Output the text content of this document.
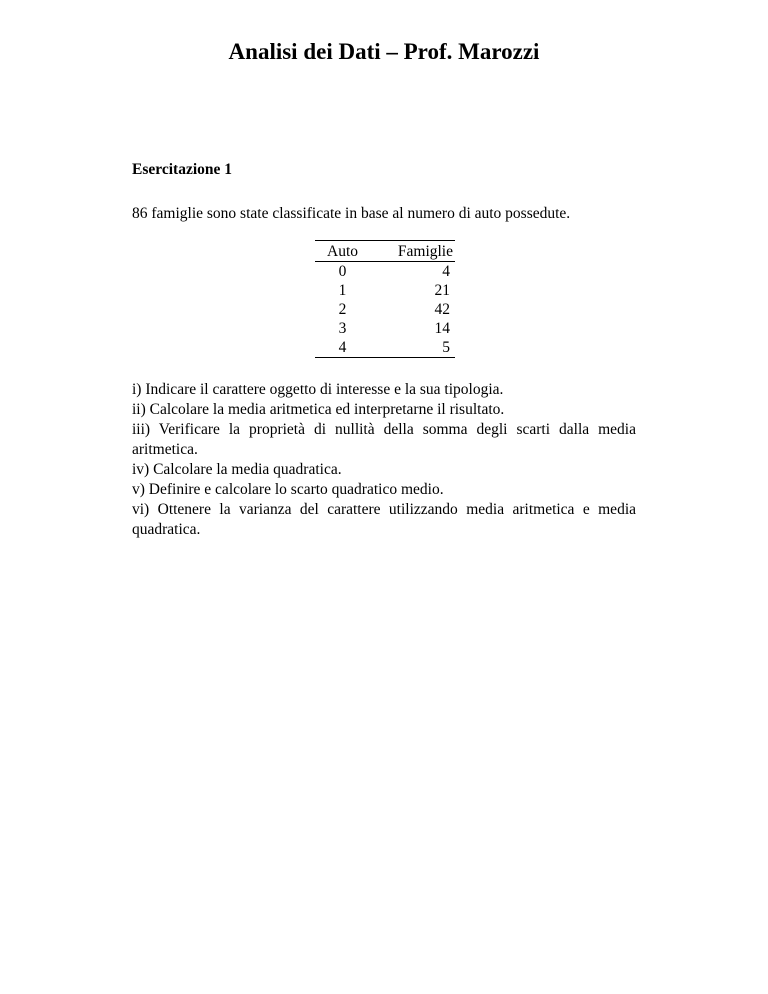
Analisi dei Dati – Prof. Marozzi

Esercitazione 1

86 famiglie sono state classificate in base al numero di auto possedute.

Auto	Famiglie
0	4
1	21
2	42
3	14
4	5

i) Indicare il carattere oggetto di interesse e la sua tipologia.

ii) Calcolare la media aritmetica ed interpretarne il risultato.

iii) Verificare la proprietà di nullità della somma degli scarti dalla media aritmetica.

iv) Calcolare la media quadratica.

v) Definire e calcolare lo scarto quadratico medio.

vi) Ottenere la varianza del carattere utilizzando media aritmetica e media quadratica.
